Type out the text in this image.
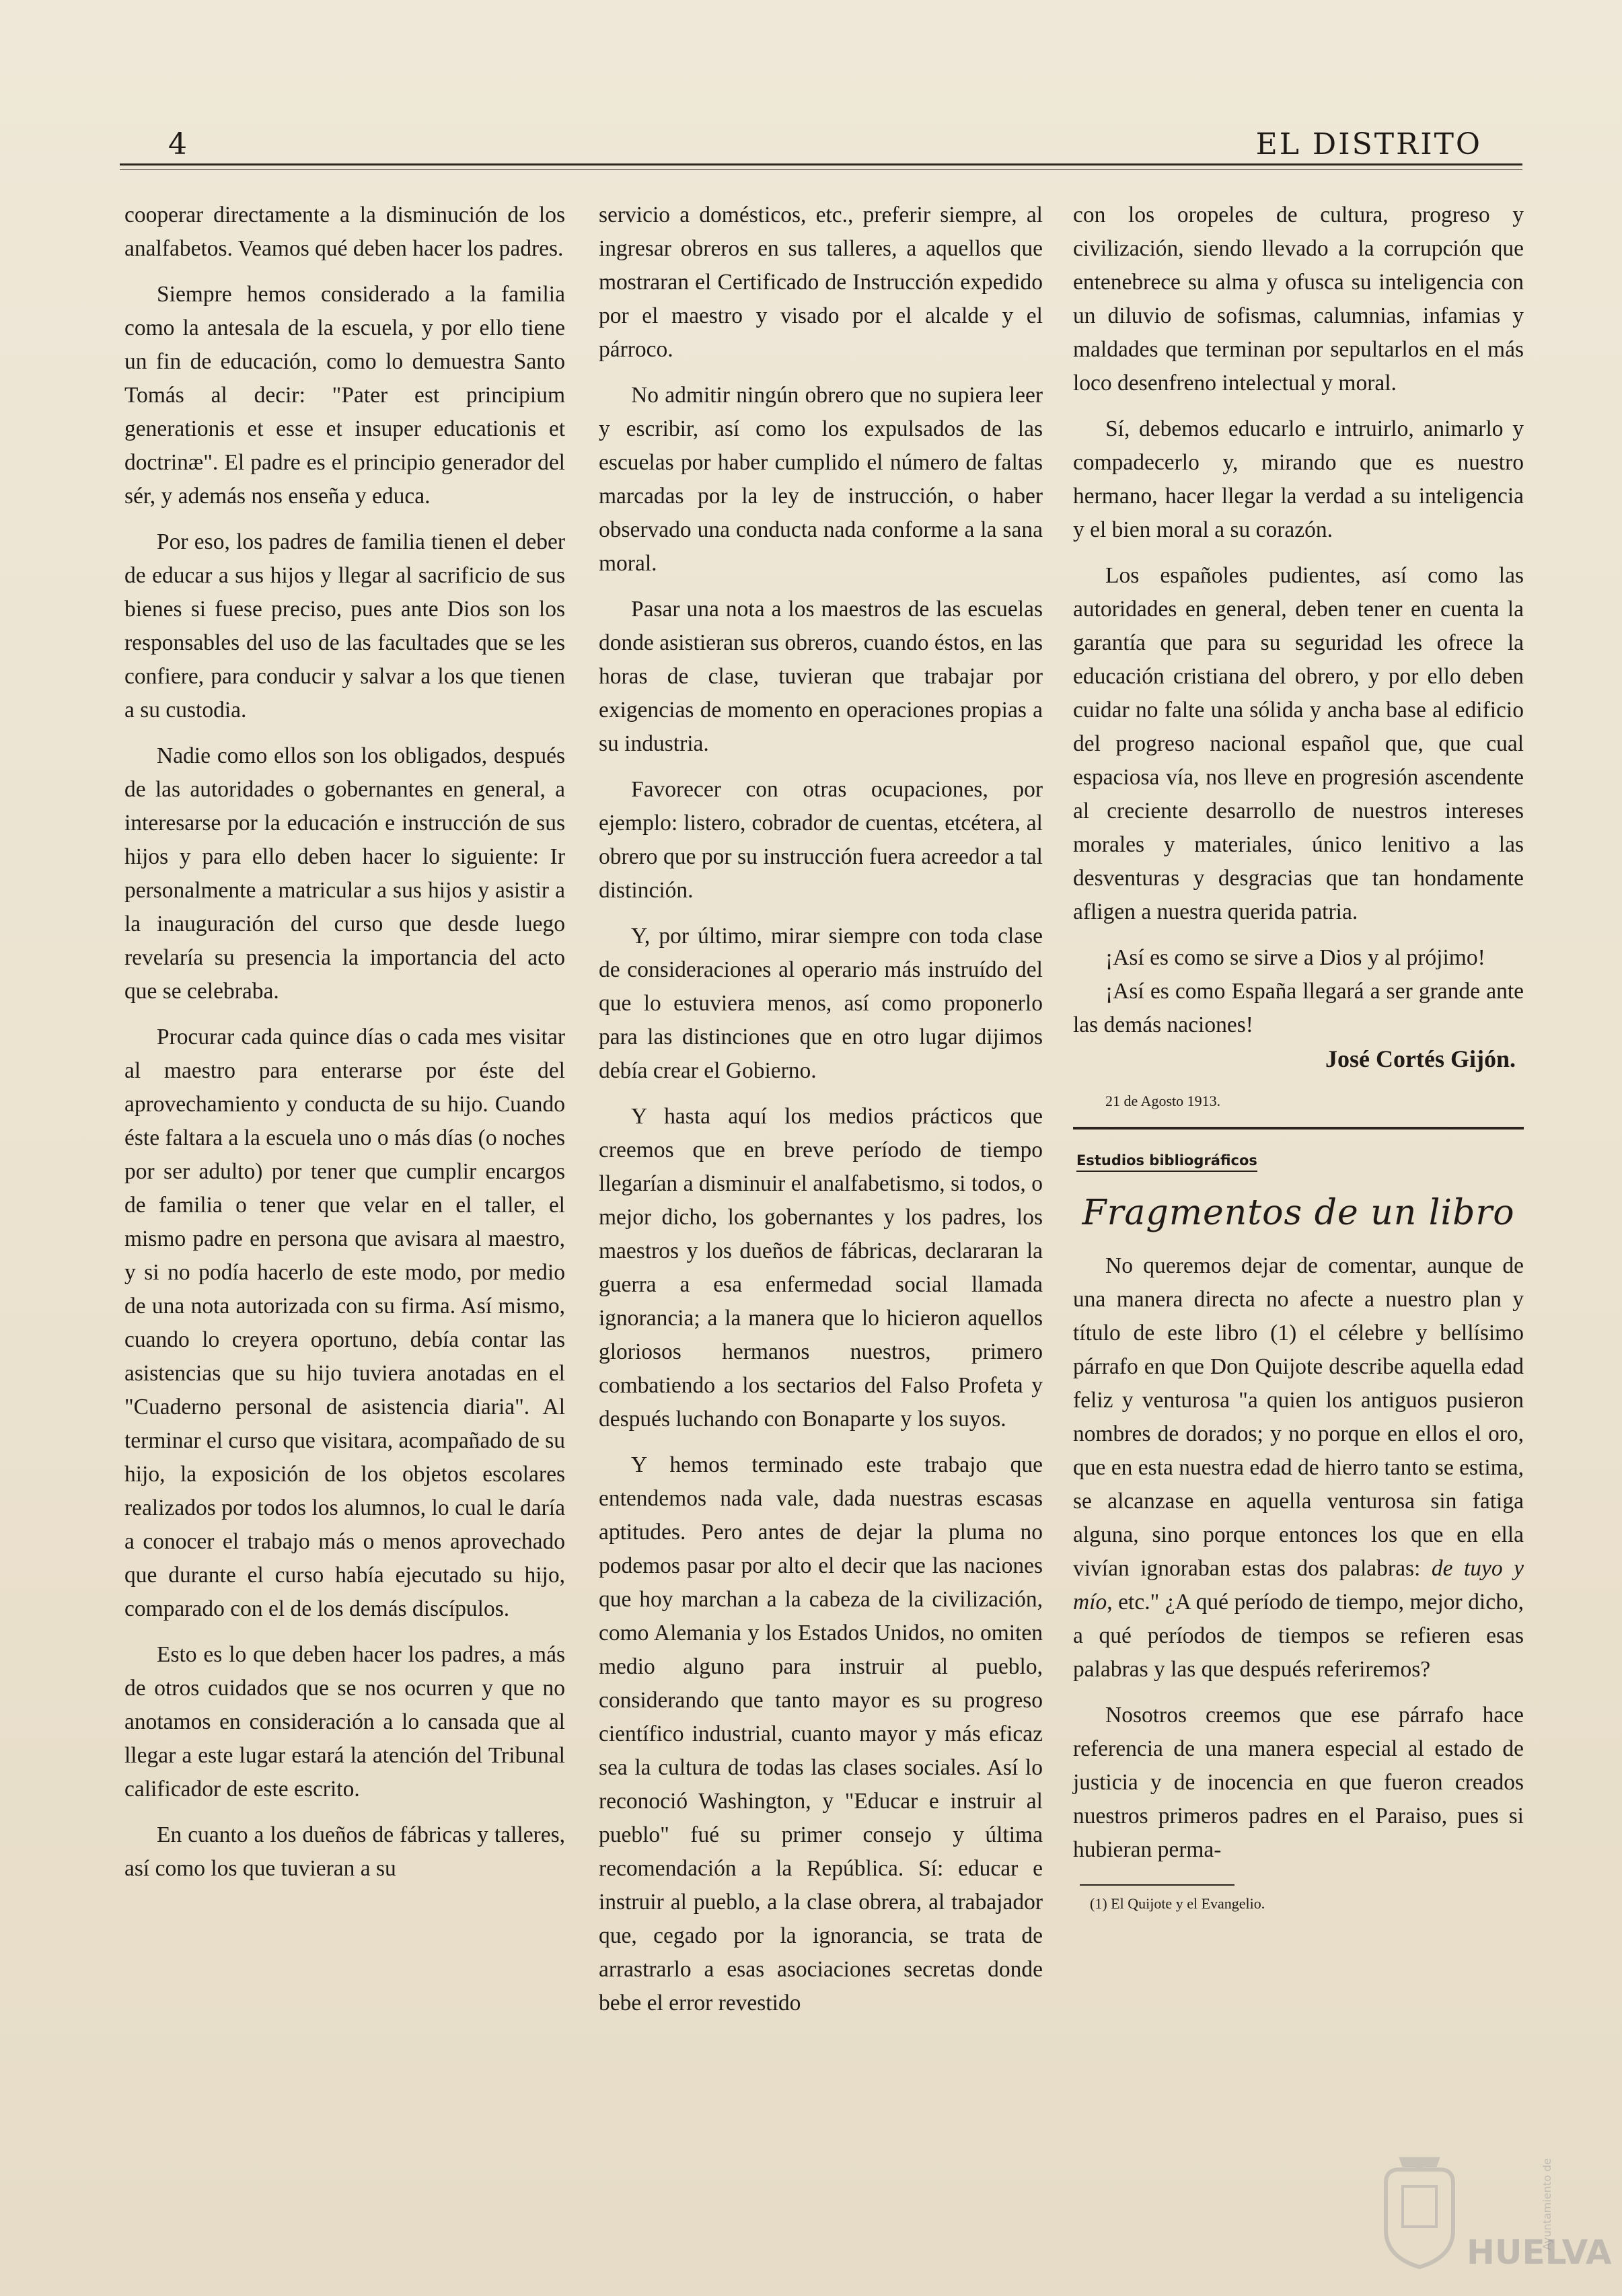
4	EL DISTRITO

cooperar directamente a la disminución de los analfabetos. Veamos qué deben hacer los padres.

Siempre hemos considerado a la familia como la antesala de la escuela, y por ello tiene un fin de educación, como lo demuestra Santo Tomás al decir: "Pater est principium generationis et esse et insuper educationis et doctrinæ". El padre es el principio generador del sér, y además nos enseña y educa.

Por eso, los padres de familia tienen el deber de educar a sus hijos y llegar al sacrificio de sus bienes si fuese preciso, pues ante Dios son los responsables del uso de las facultades que se les confiere, para conducir y salvar a los que tienen a su custodia.

Nadie como ellos son los obligados, después de las autoridades o gobernantes en general, a interesarse por la educación e instrucción de sus hijos y para ello deben hacer lo siguiente: Ir personalmente a matricular a sus hijos y asistir a la inauguración del curso que desde luego revelaría su presencia la importancia del acto que se celebraba.

Procurar cada quince días o cada mes visitar al maestro para enterarse por éste del aprovechamiento y conducta de su hijo. Cuando éste faltara a la escuela uno o más días (o noches por ser adulto) por tener que cumplir encargos de familia o tener que velar en el taller, el mismo padre en persona que avisara al maestro, y si no podía hacerlo de este modo, por medio de una nota autorizada con su firma. Así mismo, cuando lo creyera oportuno, debía contar las asistencias que su hijo tuviera anotadas en el "Cuaderno personal de asistencia diaria". Al terminar el curso que visitara, acompañado de su hijo, la exposición de los objetos escolares realizados por todos los alumnos, lo cual le daría a conocer el trabajo más o menos aprovechado que durante el curso había ejecutado su hijo, comparado con el de los demás discípulos.

Esto es lo que deben hacer los padres, a más de otros cuidados que se nos ocurren y que no anotamos en consideración a lo cansada que al llegar a este lugar estará la atención del Tribunal calificador de este escrito.

En cuanto a los dueños de fábricas y talleres, así como los que tuvieran a su

servicio a domésticos, etc., preferir siempre, al ingresar obreros en sus talleres, a aquellos que mostraran el Certificado de Instrucción expedido por el maestro y visado por el alcalde y el párroco.

No admitir ningún obrero que no supiera leer y escribir, así como los expulsados de las escuelas por haber cumplido el número de faltas marcadas por la ley de instrucción, o haber observado una conducta nada conforme a la sana moral.

Pasar una nota a los maestros de las escuelas donde asistieran sus obreros, cuando éstos, en las horas de clase, tuvieran que trabajar por exigencias de momento en operaciones propias a su industria.

Favorecer con otras ocupaciones, por ejemplo: listero, cobrador de cuentas, etcétera, al obrero que por su instrucción fuera acreedor a tal distinción.

Y, por último, mirar siempre con toda clase de consideraciones al operario más instruído del que lo estuviera menos, así como proponerlo para las distinciones que en otro lugar dijimos debía crear el Gobierno.

Y hasta aquí los medios prácticos que creemos que en breve período de tiempo llegarían a disminuir el analfabetismo, si todos, o mejor dicho, los gobernantes y los padres, los maestros y los dueños de fábricas, declararan la guerra a esa enfermedad social llamada ignorancia; a la manera que lo hicieron aquellos gloriosos hermanos nuestros, primero combatiendo a los sectarios del Falso Profeta y después luchando con Bonaparte y los suyos.

Y hemos terminado este trabajo que entendemos nada vale, dada nuestras escasas aptitudes. Pero antes de dejar la pluma no podemos pasar por alto el decir que las naciones que hoy marchan a la cabeza de la civilización, como Alemania y los Estados Unidos, no omiten medio alguno para instruir al pueblo, considerando que tanto mayor es su progreso científico industrial, cuanto mayor y más eficaz sea la cultura de todas las clases sociales. Así lo reconoció Washington, y "Educar e instruir al pueblo" fué su primer consejo y última recomendación a la República. Sí: educar e instruir al pueblo, a la clase obrera, al trabajador que, cegado por la ignorancia, se trata de arrastrarlo a esas asociaciones secretas donde bebe el error revestido

con los oropeles de cultura, progreso y civilización, siendo llevado a la corrupción que entenebrece su alma y ofusca su inteligencia con un diluvio de sofismas, calumnias, infamias y maldades que terminan por sepultarlos en el más loco desenfreno intelectual y moral.

Sí, debemos educarlo e intruirlo, animarlo y compadecerlo y, mirando que es nuestro hermano, hacer llegar la verdad a su inteligencia y el bien moral a su corazón.

Los españoles pudientes, así como las autoridades en general, deben tener en cuenta la garantía que para su seguridad les ofrece la educación cristiana del obrero, y por ello deben cuidar no falte una sólida y ancha base al edificio del progreso nacional español que, que cual espaciosa vía, nos lleve en progresión ascendente al creciente desarrollo de nuestros intereses morales y materiales, único lenitivo a las desventuras y desgracias que tan hondamente afligen a nuestra querida patria.

¡Así es como se sirve a Dios y al prójimo!

¡Así es como España llegará a ser grande ante las demás naciones!

José Cortés Gijón.

21 de Agosto 1913.

Estudios bibliográficos
Fragmentos de un libro

No queremos dejar de comentar, aunque de una manera directa no afecte a nuestro plan y título de este libro (1) el célebre y bellísimo párrafo en que Don Quijote describe aquella edad feliz y venturosa "a quien los antiguos pusieron nombres de dorados; y no porque en ellos el oro, que en esta nuestra edad de hierro tanto se estima, se alcanzase en aquella venturosa sin fatiga alguna, sino porque entonces los que en ella vivían ignoraban estas dos palabras: de tuyo y mío, etc." ¿A qué período de tiempo, mejor dicho, a qué períodos de tiempos se refieren esas palabras y las que después referiremos?

Nosotros creemos que ese párrafo hace referencia de una manera especial al estado de justicia y de inocencia en que fueron creados nuestros primeros padres en el Paraiso, pues si hubieran perma-

(1) El Quijote y el Evangelio.
HUELVA
Ayuntamiento de
